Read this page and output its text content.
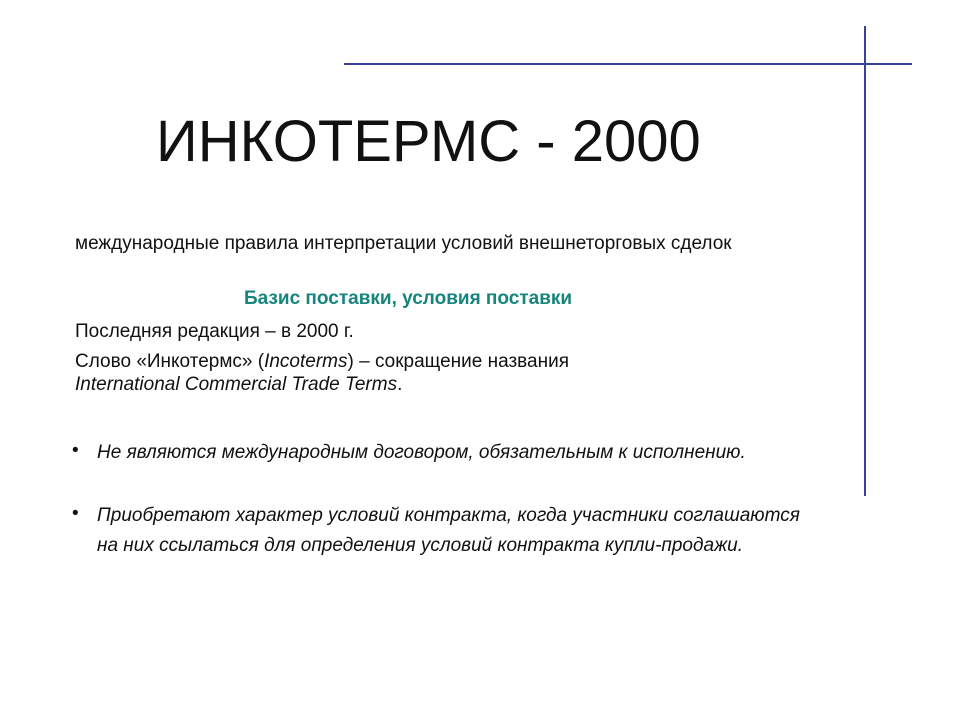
ИНКОТЕРМС - 2000
международные правила интерпретации условий внешнеторговых сделок
Базис поставки, условия поставки
Последняя редакция – в 2000 г.
Слово «Инкотермс» (Incoterms) – сокращение названия
International Commercial Trade Terms.
• Не являются международным договором, обязательным к исполнению.
• Приобретают характер условий контракта, когда участники соглашаются на них ссылаться для определения условий контракта купли-продажи.
